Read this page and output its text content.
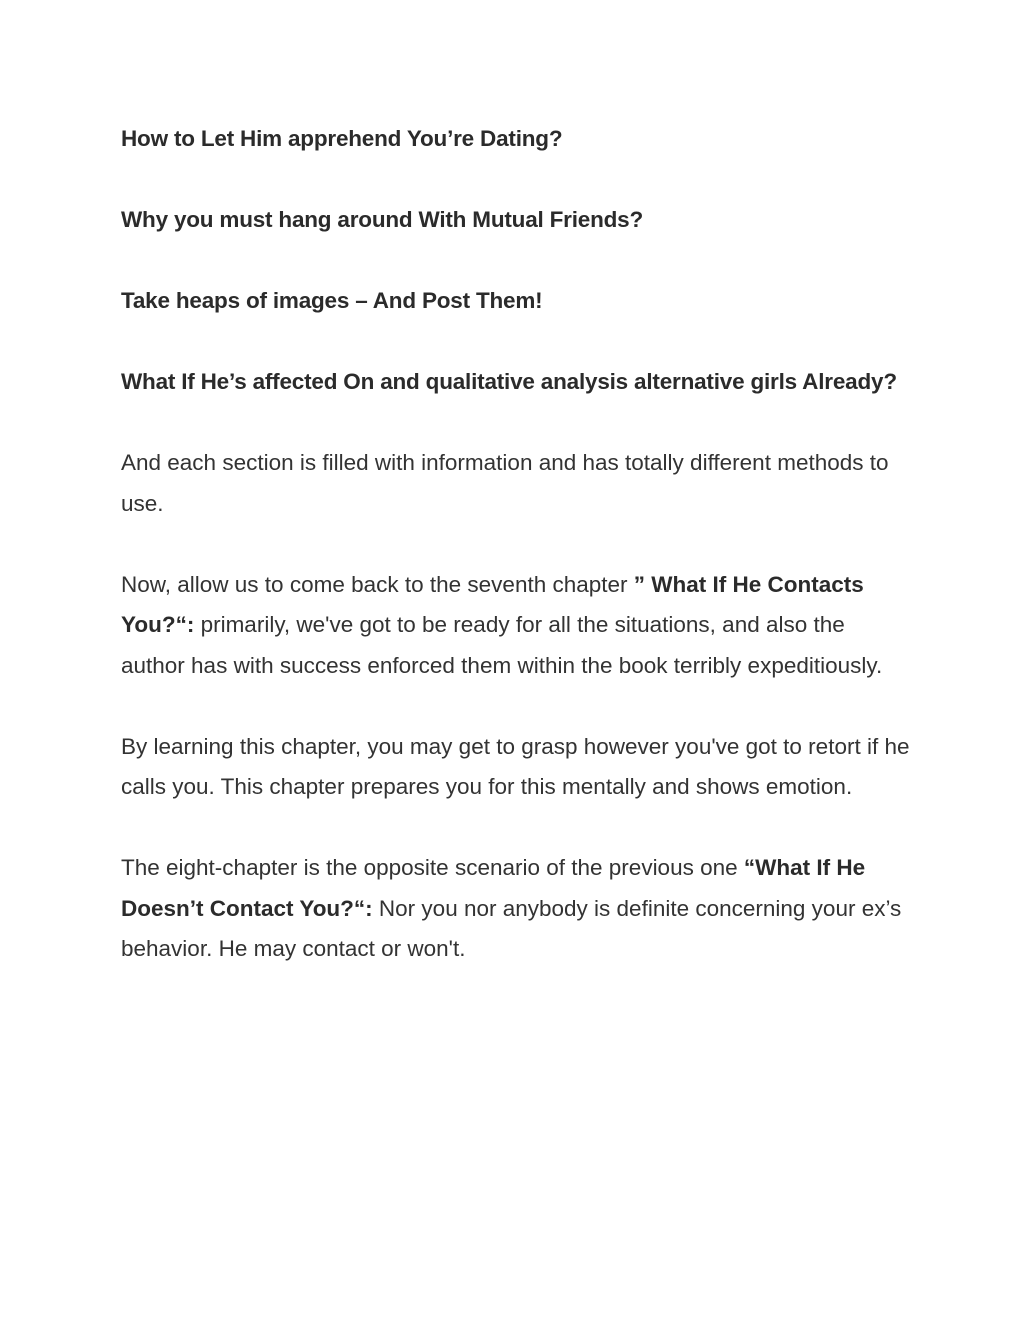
How to Let Him apprehend You’re Dating?
Why you must hang around With Mutual Friends?
Take heaps of images – And Post Them!
What If He’s affected On and qualitative analysis alternative girls Already?

And each section is filled with information and has totally different methods to use.

Now, allow us to come back to the seventh chapter ” What If He Contacts You?“: primarily, we've got to be ready for all the situations, and also the author has with success enforced them within the book terribly expeditiously.

By learning this chapter, you may get to grasp however you've got to retort if he calls you. This chapter prepares you for this mentally and shows emotion.

The eight-chapter is the opposite scenario of the previous one “What If He Doesn’t Contact You?“: Nor you nor anybody is definite concerning your ex’s behavior. He may contact or won't.
